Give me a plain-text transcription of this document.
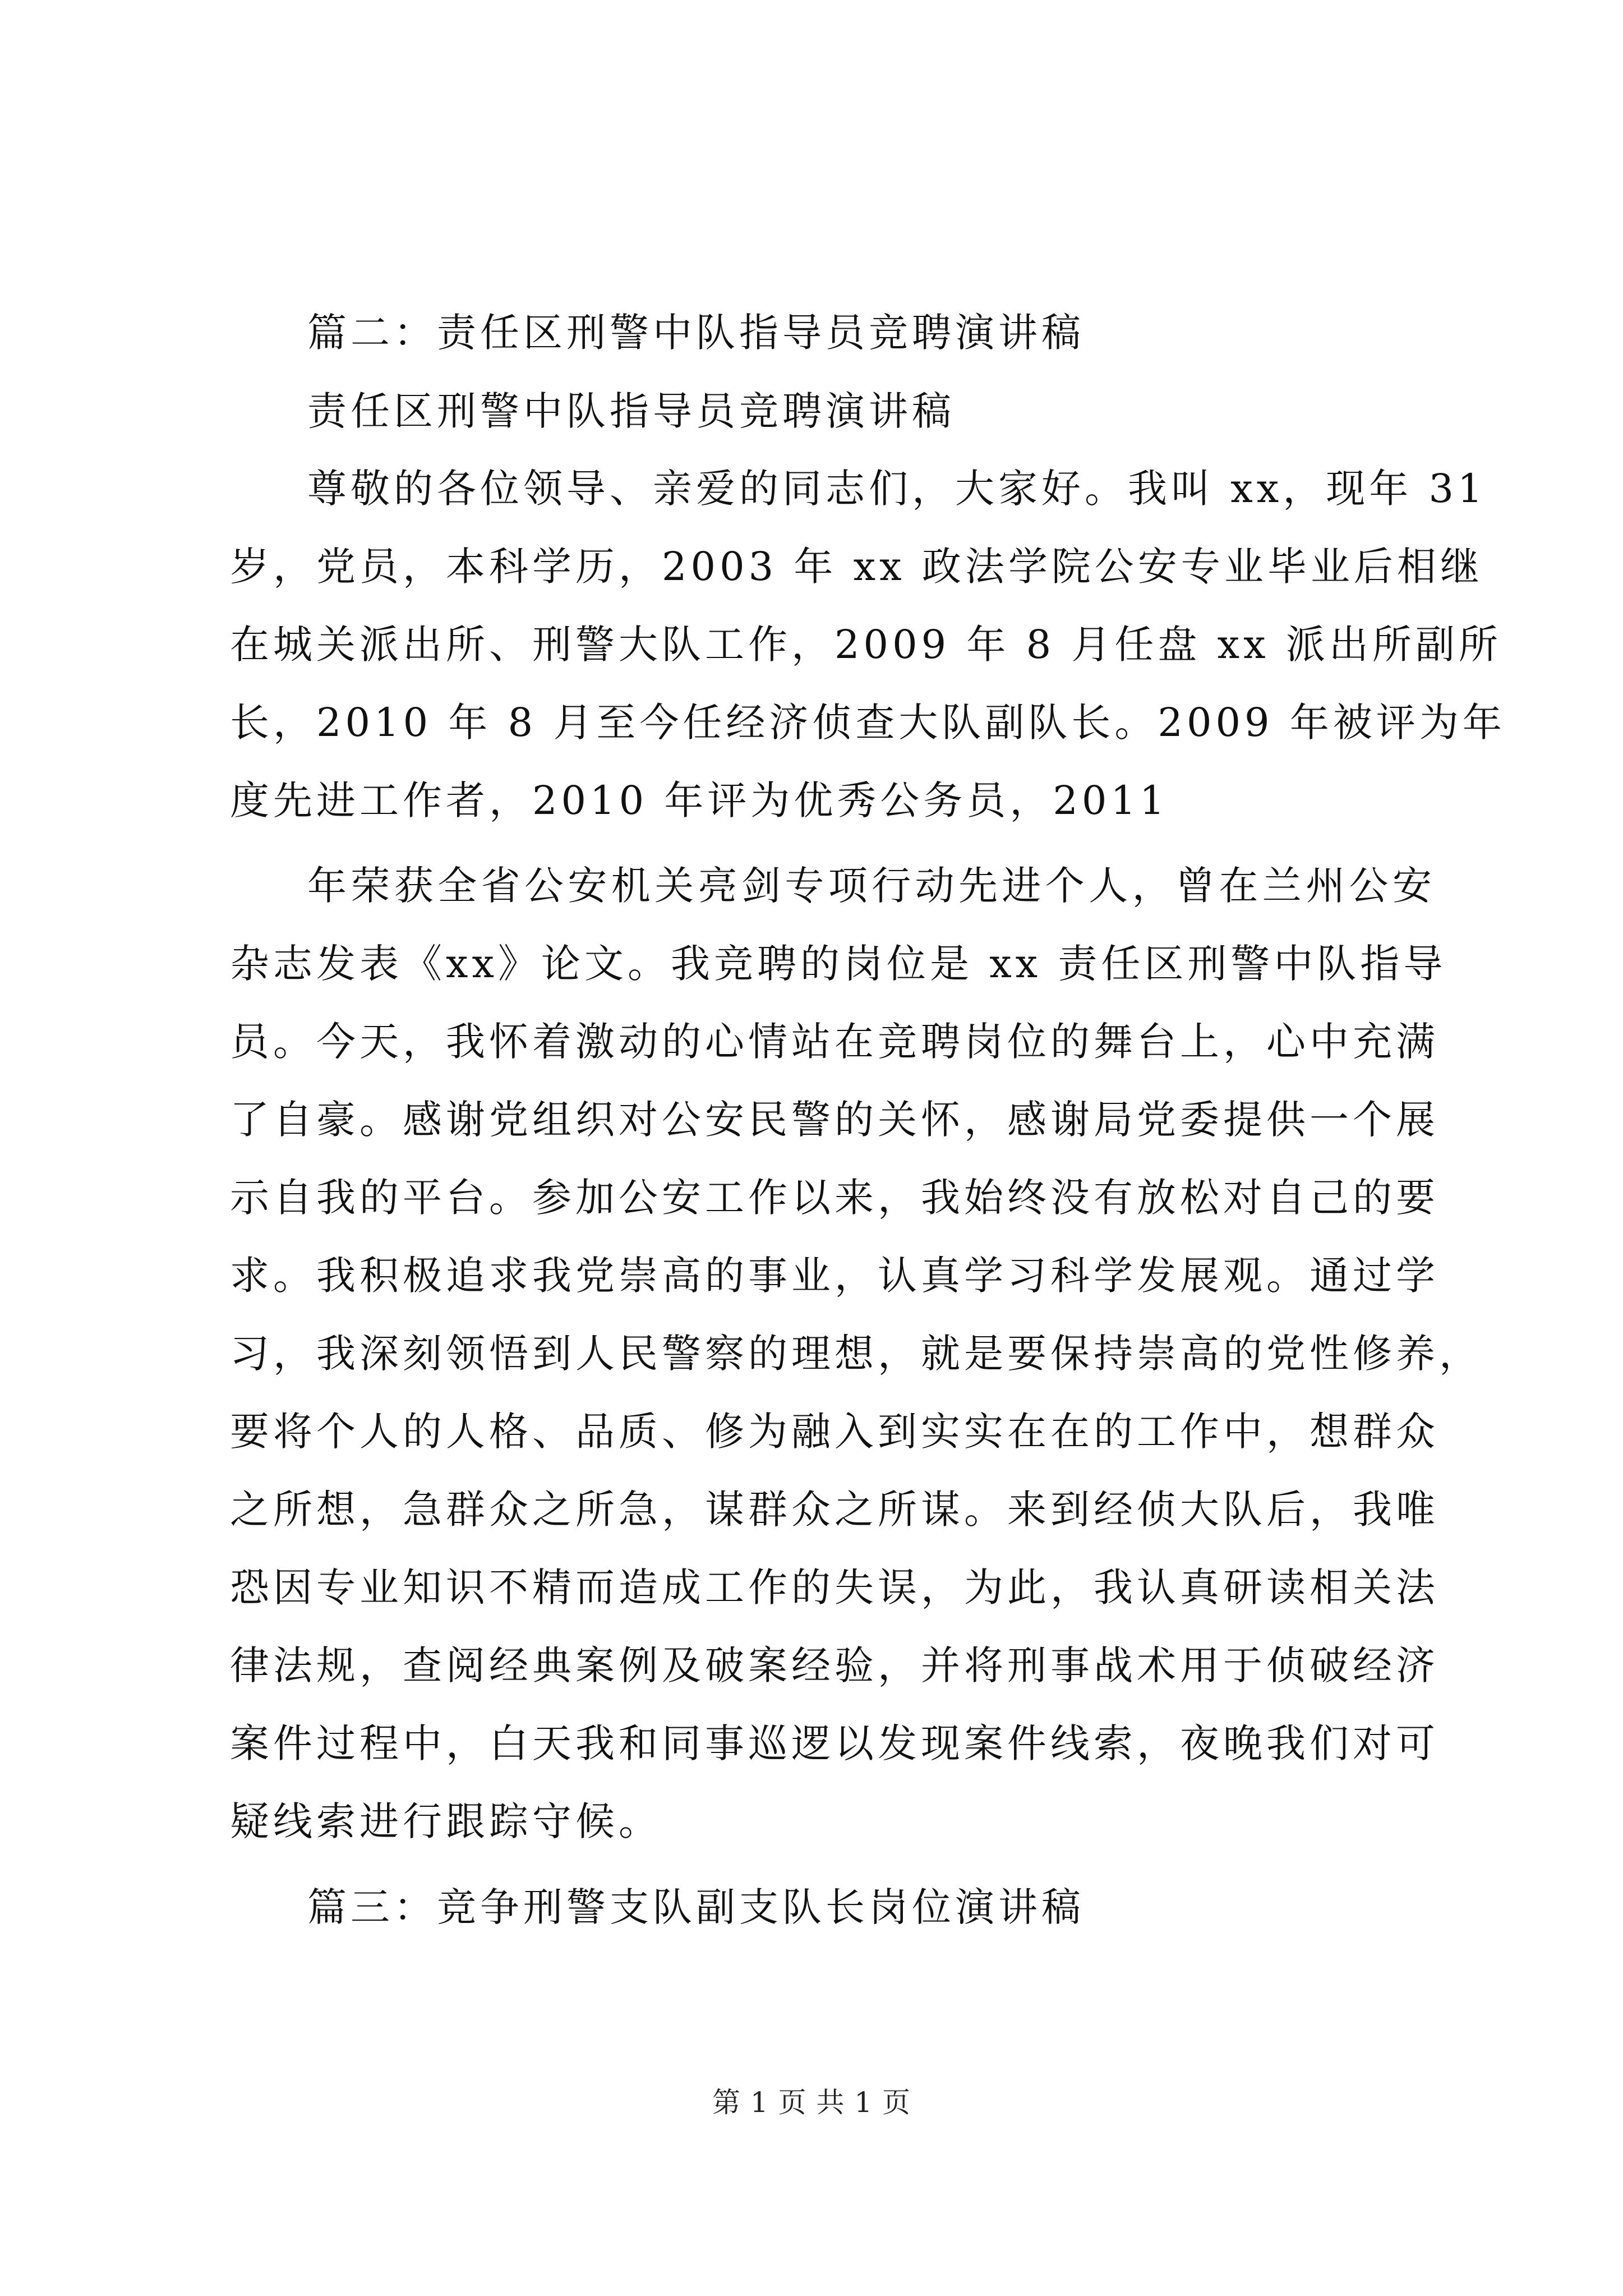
篇二：责任区刑警中队指导员竞聘演讲稿

责任区刑警中队指导员竞聘演讲稿

尊敬的各位领导、亲爱的同志们，大家好。我叫 xx，现年 31

岁，党员，本科学历，2003 年 xx 政法学院公安专业毕业后相继

在城关派出所、刑警大队工作，2009 年 8 月任盘 xx 派出所副所

长，2010 年 8 月至今任经济侦查大队副队长。2009 年被评为年

度先进工作者，2010 年评为优秀公务员，2011

年荣获全省公安机关亮剑专项行动先进个人，曾在兰州公安

杂志发表《xx》论文。我竞聘的岗位是 xx 责任区刑警中队指导

员。今天，我怀着激动的心情站在竞聘岗位的舞台上，心中充满

了自豪。感谢党组织对公安民警的关怀，感谢局党委提供一个展

示自我的平台。参加公安工作以来，我始终没有放松对自己的要

求。我积极追求我党崇高的事业，认真学习科学发展观。通过学

习，我深刻领悟到人民警察的理想，就是要保持崇高的党性修养，

要将个人的人格、品质、修为融入到实实在在的工作中，想群众

之所想，急群众之所急，谋群众之所谋。来到经侦大队后，我唯

恐因专业知识不精而造成工作的失误，为此，我认真研读相关法

律法规，查阅经典案例及破案经验，并将刑事战术用于侦破经济

案件过程中，白天我和同事巡逻以发现案件线索，夜晚我们对可

疑线索进行跟踪守候。

篇三：竞争刑警支队副支队长岗位演讲稿

第 1 页 共 1 页
